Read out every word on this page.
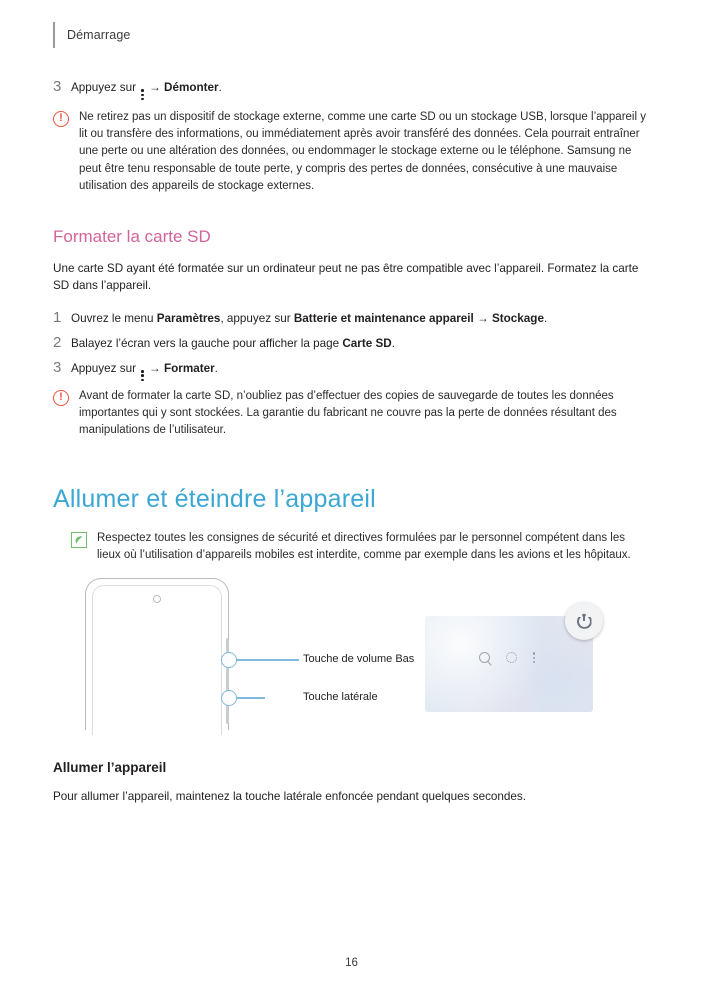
Démarrage
3 Appuyez sur → Démonter.
!	Ne retirez pas un dispositif de stockage externe, comme une carte SD ou un stockage USB, lorsque l’appareil y lit ou transfère des informations, ou immédiatement après avoir transféré des données. Cela pourrait entraîner une perte ou une altération des données, ou endommager le stockage externe ou le téléphone. Samsung ne peut être tenu responsable de toute perte, y compris des pertes de données, consécutive à une mauvaise utilisation des appareils de stockage externes.
Formater la carte SD

Une carte SD ayant été formatée sur un ordinateur peut ne pas être compatible avec l’appareil. Formatez la carte SD dans l’appareil.

1 Ouvrez le menu Paramètres, appuyez sur Batterie et maintenance appareil → Stockage.
2 Balayez l’écran vers la gauche pour afficher la page Carte SD.
3 Appuyez sur
→ Formater.
!	Avant de formater la carte SD, n’oubliez pas d’effectuer des copies de sauvegarde de toutes les données importantes qui y sont stockées. La garantie du fabricant ne couvre pas la perte de données résultant des manipulations de l’utilisateur.
Allumer et éteindre l’appareil
Respectez toutes les consignes de sécurité et directives formulées par le personnel compétent dans les lieux où l’utilisation d’appareils mobiles est interdite, comme par exemple dans les avions et les hôpitaux.
Touche de volume Bas
Touche latérale
Allumer l’appareil

Pour allumer l’appareil, maintenez la touche latérale enfoncée pendant quelques secondes.

16
